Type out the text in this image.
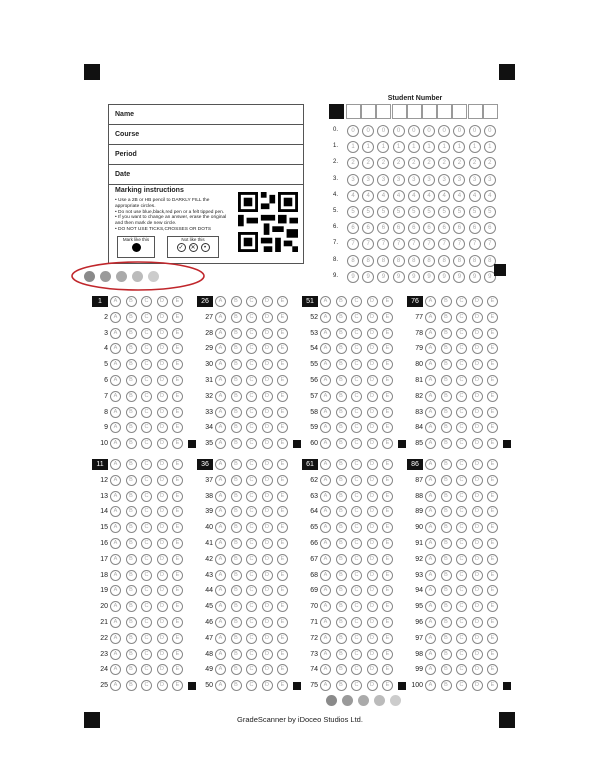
Name
Course
Period
Date
Marking instructions
• Use a 2B or HB pencil to DARKLY FILL the appropriate circles.
• Do not use blue,black,red pen or a felt tipped pen.
• If you want to change an answer, erase the original and then mark de new circle.
• DO NOT USE TICKS,CROSSES OR DOTS
Mark like this	Not like this
✓	✕	•
Student Number
0.	0	0	0	0	0	0	0	0	0	0
1.	1	1	1	1	1	1	1	1	1	1
2.	2	2	2	2	2	2	2	2	2	2
3.	3	3	3	3	3	3	3	3	3	3
4.	4	4	4	4	4	4	4	4	4	4
5.	5	5	5	5	5	5	5	5	5	5
6.	6	6	6	6	6	6	6	6	6	6
7.	7	7	7	7	7	7	7	7	7	7
8.	8	8	8	8	8	8	8	8	8	8
9.	9	9	9	9	9	9	9	9	9	9
1	A	B	C	D	E
2	A	B	C	D	E
3	A	B	C	D	E
4	A	B	C	D	E
5	A	B	C	D	E
6	A	B	C	D	E
7	A	B	C	D	E
8	A	B	C	D	E
9	A	B	C	D	E
10	A	B	C	D	E
11	A	B	C	D	E
12	A	B	C	D	E
13	A	B	C	D	E
14	A	B	C	D	E
15	A	B	C	D	E
16	A	B	C	D	E
17	A	B	C	D	E
18	A	B	C	D	E
19	A	B	C	D	E
20	A	B	C	D	E
21	A	B	C	D	E
22	A	B	C	D	E
23	A	B	C	D	E
24	A	B	C	D	E
25	A	B	C	D	E
26	A	B	C	D	E
27	A	B	C	D	E
28	A	B	C	D	E
29	A	B	C	D	E
30	A	B	C	D	E
31	A	B	C	D	E
32	A	B	C	D	E
33	A	B	C	D	E
34	A	B	C	D	E
35	A	B	C	D	E
36	A	B	C	D	E
37	A	B	C	D	E
38	A	B	C	D	E
39	A	B	C	D	E
40	A	B	C	D	E
41	A	B	C	D	E
42	A	B	C	D	E
43	A	B	C	D	E
44	A	B	C	D	E
45	A	B	C	D	E
46	A	B	C	D	E
47	A	B	C	D	E
48	A	B	C	D	E
49	A	B	C	D	E
50	A	B	C	D	E
51	A	B	C	D	E
52	A	B	C	D	E
53	A	B	C	D	E
54	A	B	C	D	E
55	A	B	C	D	E
56	A	B	C	D	E
57	A	B	C	D	E
58	A	B	C	D	E
59	A	B	C	D	E
60	A	B	C	D	E
61	A	B	C	D	E
62	A	B	C	D	E
63	A	B	C	D	E
64	A	B	C	D	E
65	A	B	C	D	E
66	A	B	C	D	E
67	A	B	C	D	E
68	A	B	C	D	E
69	A	B	C	D	E
70	A	B	C	D	E
71	A	B	C	D	E
72	A	B	C	D	E
73	A	B	C	D	E
74	A	B	C	D	E
75	A	B	C	D	E
76	A	B	C	D	E
77	A	B	C	D	E
78	A	B	C	D	E
79	A	B	C	D	E
80	A	B	C	D	E
81	A	B	C	D	E
82	A	B	C	D	E
83	A	B	C	D	E
84	A	B	C	D	E
85	A	B	C	D	E
86	A	B	C	D	E
87	A	B	C	D	E
88	A	B	C	D	E
89	A	B	C	D	E
90	A	B	C	D	E
91	A	B	C	D	E
92	A	B	C	D	E
93	A	B	C	D	E
94	A	B	C	D	E
95	A	B	C	D	E
96	A	B	C	D	E
97	A	B	C	D	E
98	A	B	C	D	E
99	A	B	C	D	E
100	A	B	C	D	E
GradeScanner by iDoceo Studios Ltd.
